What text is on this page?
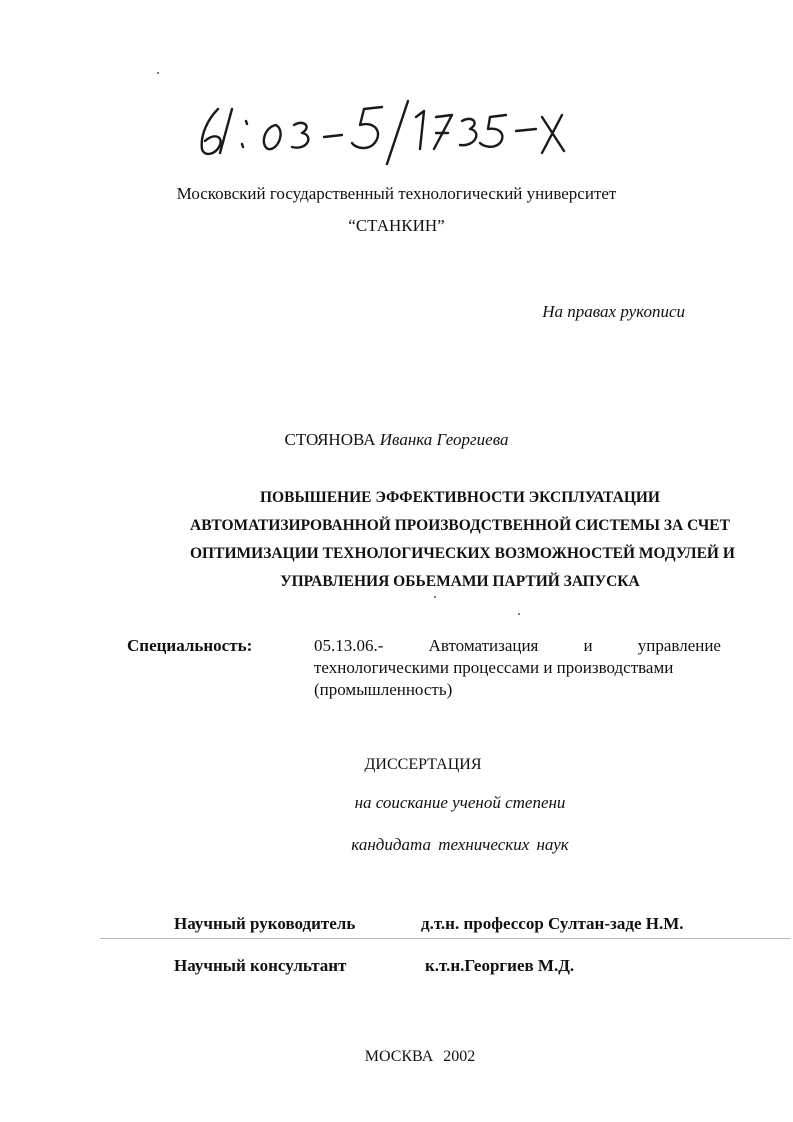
Московский государственный технологический университет
“СТАНКИН”
На правах рукописи
СТОЯНОВА Иванка Георгиева
ПОВЫШЕНИЕ ЭФФЕКТИВНОСТИ ЭКСПЛУАТАЦИИ
АВТОМАТИЗИРОВАННОЙ ПРОИЗВОДСТВЕННОЙ СИСТЕМЫ ЗА СЧЕТ
ОПТИМИЗАЦИИ ТЕХНОЛОГИЧЕСКИХ ВОЗМОЖНОСТЕЙ МОДУЛЕЙ И
УПРАВЛЕНИЯ ОБЬЕМАМИ ПАРТИЙ ЗАПУСКА
Специальность:	05.13.06.-	Автоматизация	и	управление
технологическими процессами и производствами
(промышленность)
ДИССЕРТАЦИЯ
на соискание ученой степени
кандидата технических наук
Научный руководитель	д.т.н. профессор Султан-заде Н.М.
Научный консультант	к.т.н.Георгиев М.Д.
МОСКВА 2002
